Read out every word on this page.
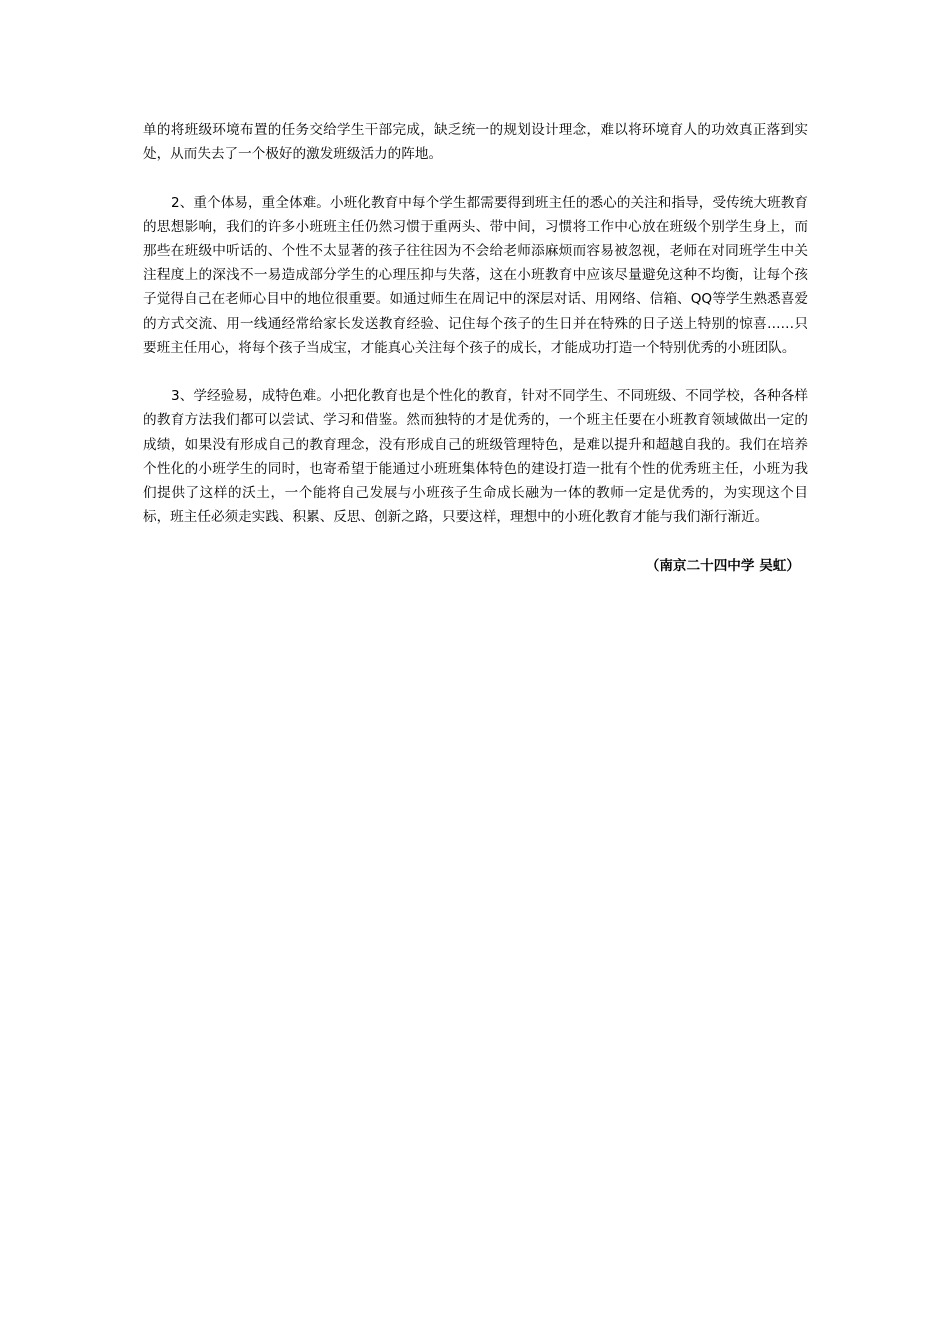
单的将班级环境布置的任务交给学生干部完成，缺乏统一的规划设计理念，难以将环境育人的功效真正落到实处，从而失去了一个极好的激发班级活力的阵地。

2、重个体易，重全体难。小班化教育中每个学生都需要得到班主任的悉心的关注和指导，受传统大班教育的思想影响，我们的许多小班班主任仍然习惯于重两头、带中间，习惯将工作中心放在班级个别学生身上，而那些在班级中听话的、个性不太显著的孩子往往因为不会给老师添麻烦而容易被忽视，老师在对同班学生中关注程度上的深浅不一易造成部分学生的心理压抑与失落，这在小班教育中应该尽量避免这种不均衡，让每个孩子觉得自己在老师心目中的地位很重要。如通过师生在周记中的深层对话、用网络、信箱、QQ等学生熟悉喜爱的方式交流、用一线通经常给家长发送教育经验、记住每个孩子的生日并在特殊的日子送上特别的惊喜……只要班主任用心，将每个孩子当成宝，才能真心关注每个孩子的成长，才能成功打造一个特别优秀的小班团队。

3、学经验易，成特色难。小把化教育也是个性化的教育，针对不同学生、不同班级、不同学校，各种各样的教育方法我们都可以尝试、学习和借鉴。然而独特的才是优秀的，一个班主任要在小班教育领域做出一定的成绩，如果没有形成自己的教育理念，没有形成自己的班级管理特色，是难以提升和超越自我的。我们在培养个性化的小班学生的同时，也寄希望于能通过小班班集体特色的建设打造一批有个性的优秀班主任，小班为我们提供了这样的沃土，一个能将自己发展与小班孩子生命成长融为一体的教师一定是优秀的，为实现这个目标，班主任必须走实践、积累、反思、创新之路，只要这样，理想中的小班化教育才能与我们渐行渐近。

（南京二十四中学 吴虹）
